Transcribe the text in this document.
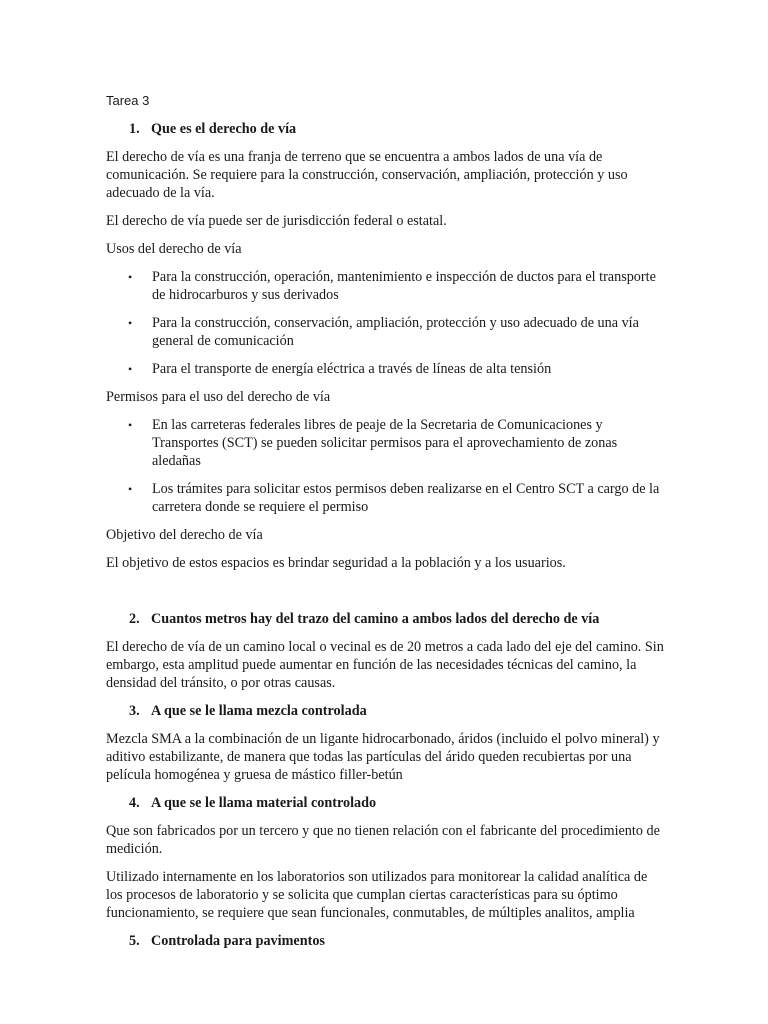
Tarea 3
1. Que es el derecho de vía

El derecho de vía es una franja de terreno que se encuentra a ambos lados de una vía de comunicación. Se requiere para la construcción, conservación, ampliación, protección y uso adecuado de la vía.

El derecho de vía puede ser de jurisdicción federal o estatal.

Usos del derecho de vía

•
Para la construcción, operación, mantenimiento e inspección de ductos para el transporte de hidrocarburos y sus derivados
•
Para la construcción, conservación, ampliación, protección y uso adecuado de una vía general de comunicación
•
Para el transporte de energía eléctrica a través de líneas de alta tensión

Permisos para el uso del derecho de vía

•
En las carreteras federales libres de peaje de la Secretaria de Comunicaciones y Transportes (SCT) se pueden solicitar permisos para el aprovechamiento de zonas aledañas
•
Los trámites para solicitar estos permisos deben realizarse en el Centro SCT a cargo de la carretera donde se requiere el permiso

Objetivo del derecho de vía

El objetivo de estos espacios es brindar seguridad a la población y a los usuarios.

2. Cuantos metros hay del trazo del camino a ambos lados del derecho de vía

El derecho de vía de un camino local o vecinal es de 20 metros a cada lado del eje del camino. Sin embargo, esta amplitud puede aumentar en función de las necesidades técnicas del camino, la densidad del tránsito, o por otras causas.

3. A que se le llama mezcla controlada

Mezcla SMA a la combinación de un ligante hidrocarbonado, áridos (incluido el polvo mineral) y aditivo estabilizante, de manera que todas las partículas del árido queden recubiertas por una película homogénea y gruesa de mástico filler-betún

4. A que se le llama material controlado

Que son fabricados por un tercero y que no tienen relación con el fabricante del procedimiento de medición.

Utilizado internamente en los laboratorios son utilizados para monitorear la calidad analítica de los procesos de laboratorio y se solicita que cumplan ciertas características para su óptimo funcionamiento, se requiere que sean funcionales, conmutables, de múltiples analitos, amplia

5. Controlada para pavimentos
